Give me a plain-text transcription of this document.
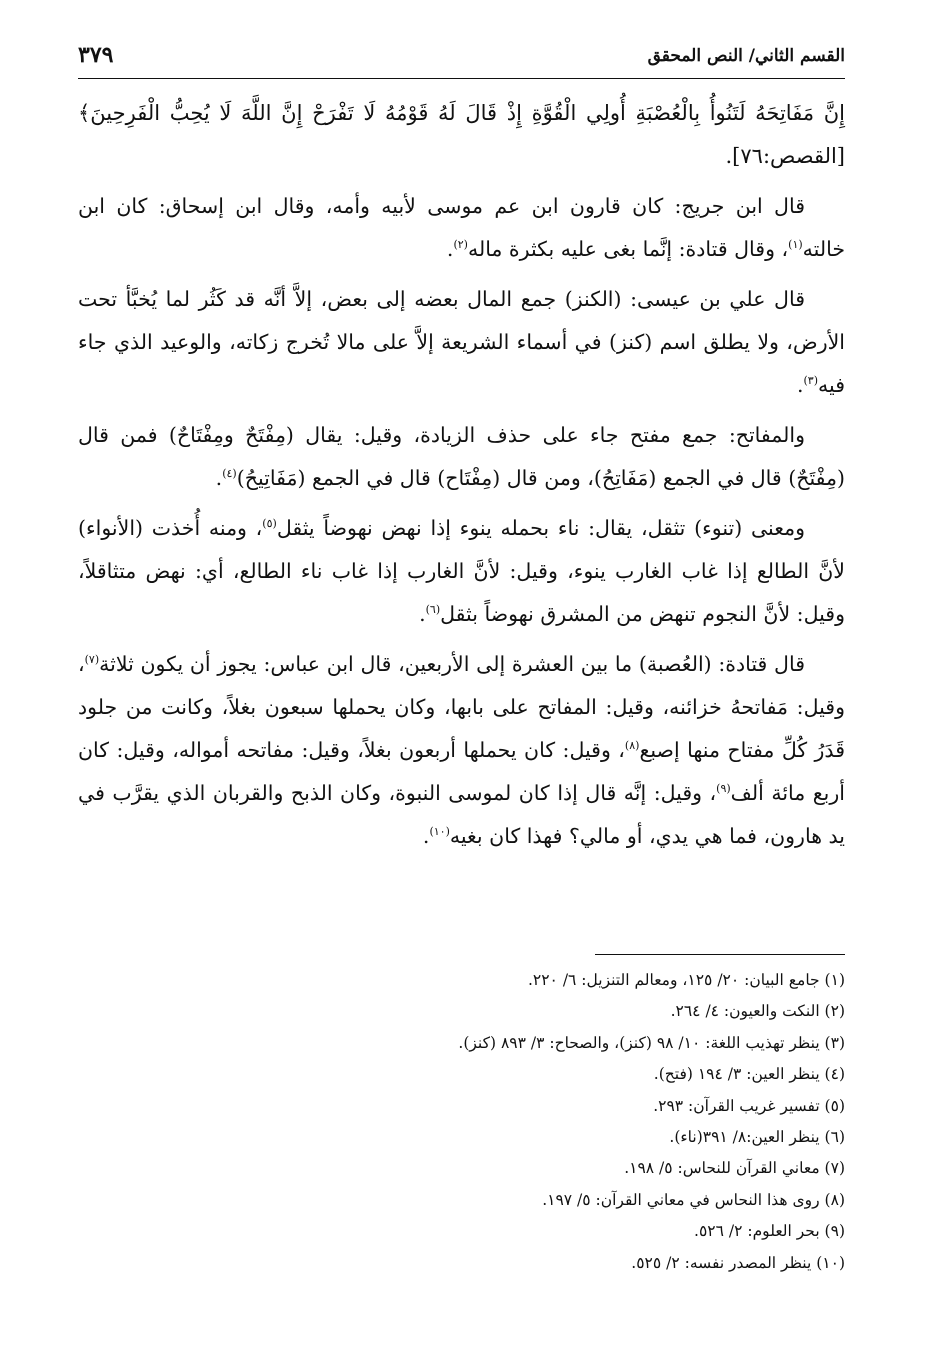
القسم الثاني/ النص المحقق
٣٧٩

إِنَّ مَفَاتِحَهُ لَتَنُوأُ بِالْعُصْبَةِ أُولِي الْقُوَّةِ إِذْ قَالَ لَهُ قَوْمُهُ لَا تَفْرَحْ إِنَّ اللَّهَ لَا يُحِبُّ الْفَرِحِينَ﴾ [القصص:٧٦].

قال ابن جريج: كان قارون ابن عم موسى لأبيه وأمه، وقال ابن إسحاق: كان ابن خالته$^{(١)}$، وقال قتادة: إنَّما بغى عليه بكثرة ماله$^{(٢)}$.

قال علي بن عيسى: (الكنز) جمع المال بعضه إلى بعض، إلاَّ أنَّه قد كَثُر لما يُخبَّأ تحت الأرض، ولا يطلق اسم (كنز) في أسماء الشريعة إلاَّ على مالا تُخرج زكاته، والوعيد الذي جاء فيه$^{(٣)}$.

والمفاتح: جمع مفتح جاء على حذف الزيادة، وقيل: يقال (مِفْتَحٌ ومِفْتَاحٌ) فمن قال (مِفْتَحٌ) قال في الجمع (مَفَاتِحُ)، ومن قال (مِفْتَاح) قال في الجمع (مَفَاتِيحُ)$^{(٤)}$.

ومعنى (تنوء) تثقل، يقال: ناء بحمله ينوء إذا نهض نهوضاً يثقل$^{(٥)}$، ومنه أُخذت (الأنواء) لأنَّ الطالع إذا غاب الغارب ينوء، وقيل: لأنَّ الغارب إذا غاب ناء الطالع، أي: نهض متثاقلاً، وقيل: لأنَّ النجوم تنهض من المشرق نهوضاً بثقل$^{(٦)}$.

قال قتادة: (العُصبة) ما بين العشرة إلى الأربعين، قال ابن عباس: يجوز أن يكون ثلاثة$^{(٧)}$، وقيل: مَفاتحهُ خزائنه، وقيل: المفاتح على بابها، وكان يحملها سبعون بغلاً، وكانت من جلود قَدَرُ كُلِّ مفتاح منها إصبع$^{(٨)}$، وقيل: كان يحملها أربعون بغلاً، وقيل: مفاتحه أمواله، وقيل: كان أربع مائة ألف$^{(٩)}$، وقيل: إنَّه قال إذا كان لموسى النبوة، وكان الذبح والقربان الذي يقرَّب في يد هارون، فما هي يدي، أو مالي؟ فهذا كان بغيه$^{(١٠)}$.

(١) جامع البيان: ٢٠/ ١٢٥، ومعالم التنزيل: ٦/ ٢٢٠.
(٢) النكت والعيون: ٤/ ٢٦٤.
(٣) ينظر تهذيب اللغة: ١٠/ ٩٨ (كنز)، والصحاح: ٣/ ٨٩٣ (كنز).
(٤) ينظر العين: ٣/ ١٩٤ (فتح).
(٥) تفسير غريب القرآن: ٢٩٣.
(٦) ينظر العين:٨/ ٣٩١(ناء).
(٧) معاني القرآن للنحاس: ٥/ ١٩٨.
(٨) روى هذا النحاس في معاني القرآن: ٥/ ١٩٧.
(٩) بحر العلوم: ٢/ ٥٢٦.
(١٠) ينظر المصدر نفسه: ٢/ ٥٢٥.
